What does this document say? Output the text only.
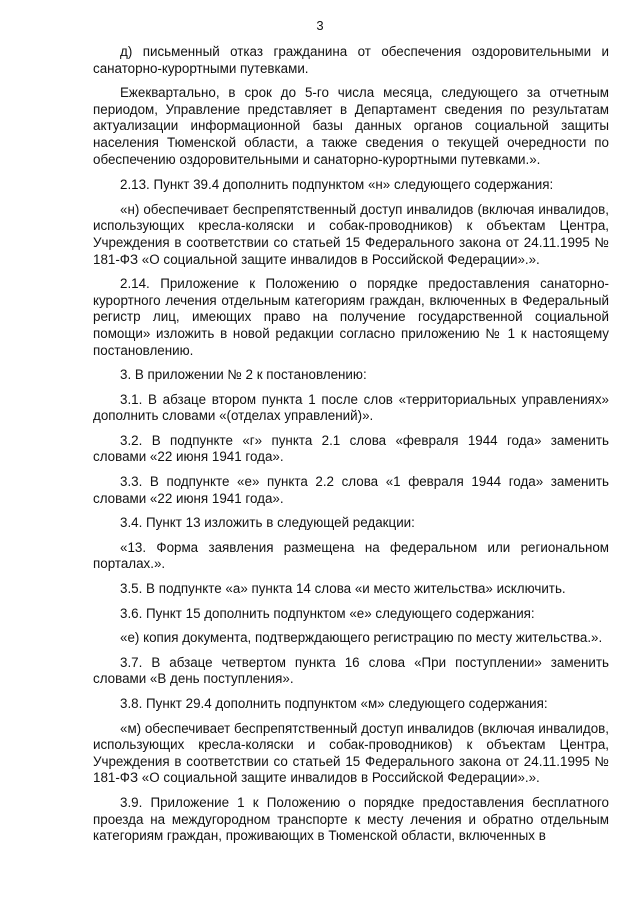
3

д) письменный отказ гражданина от обеспечения оздоровительными и санаторно-курортными путевками.

Ежеквартально, в срок до 5-го числа месяца, следующего за отчетным периодом, Управление представляет в Департамент сведения по результатам актуализации информационной базы данных органов социальной защиты населения Тюменской области, а также сведения о текущей очередности по обеспечению оздоровительными и санаторно-курортными путевками.».

2.13. Пункт 39.4 дополнить подпунктом «н» следующего содержания:

«н) обеспечивает беспрепятственный доступ инвалидов (включая инвалидов, использующих кресла-коляски и собак-проводников) к объектам Центра, Учреждения в соответствии со статьей 15 Федерального закона от 24.11.1995 № 181-ФЗ «О социальной защите инвалидов в Российской Федерации».».

2.14. Приложение к Положению о порядке предоставления санаторно-курортного лечения отдельным категориям граждан, включенных в Федеральный регистр лиц, имеющих право на получение государственной социальной помощи» изложить в новой редакции согласно приложению № 1 к настоящему постановлению.

3. В приложении № 2 к постановлению:

3.1. В абзаце втором пункта 1 после слов «территориальных управлениях» дополнить словами «(отделах управлений)».

3.2. В подпункте «г» пункта 2.1 слова «февраля 1944 года» заменить словами «22 июня 1941 года».

3.3. В подпункте «е» пункта 2.2 слова «1 февраля 1944 года» заменить словами «22 июня 1941 года».

3.4. Пункт 13 изложить в следующей редакции:

«13. Форма заявления размещена на федеральном или региональном порталах.».

3.5. В подпункте «а» пункта 14 слова «и место жительства» исключить.

3.6. Пункт 15 дополнить подпунктом «е» следующего содержания:

«е) копия документа, подтверждающего регистрацию по месту жительства.».

3.7. В абзаце четвертом пункта 16 слова «При поступлении» заменить словами «В день поступления».

3.8. Пункт 29.4 дополнить подпунктом «м» следующего содержания:

«м) обеспечивает беспрепятственный доступ инвалидов (включая инвалидов, использующих кресла-коляски и собак-проводников) к объектам Центра, Учреждения в соответствии со статьей 15 Федерального закона от 24.11.1995 № 181-ФЗ «О социальной защите инвалидов в Российской Федерации».».

3.9. Приложение 1 к Положению о порядке предоставления бесплатного проезда на междугородном транспорте к месту лечения и обратно отдельным категориям граждан, проживающих в Тюменской области, включенных в
